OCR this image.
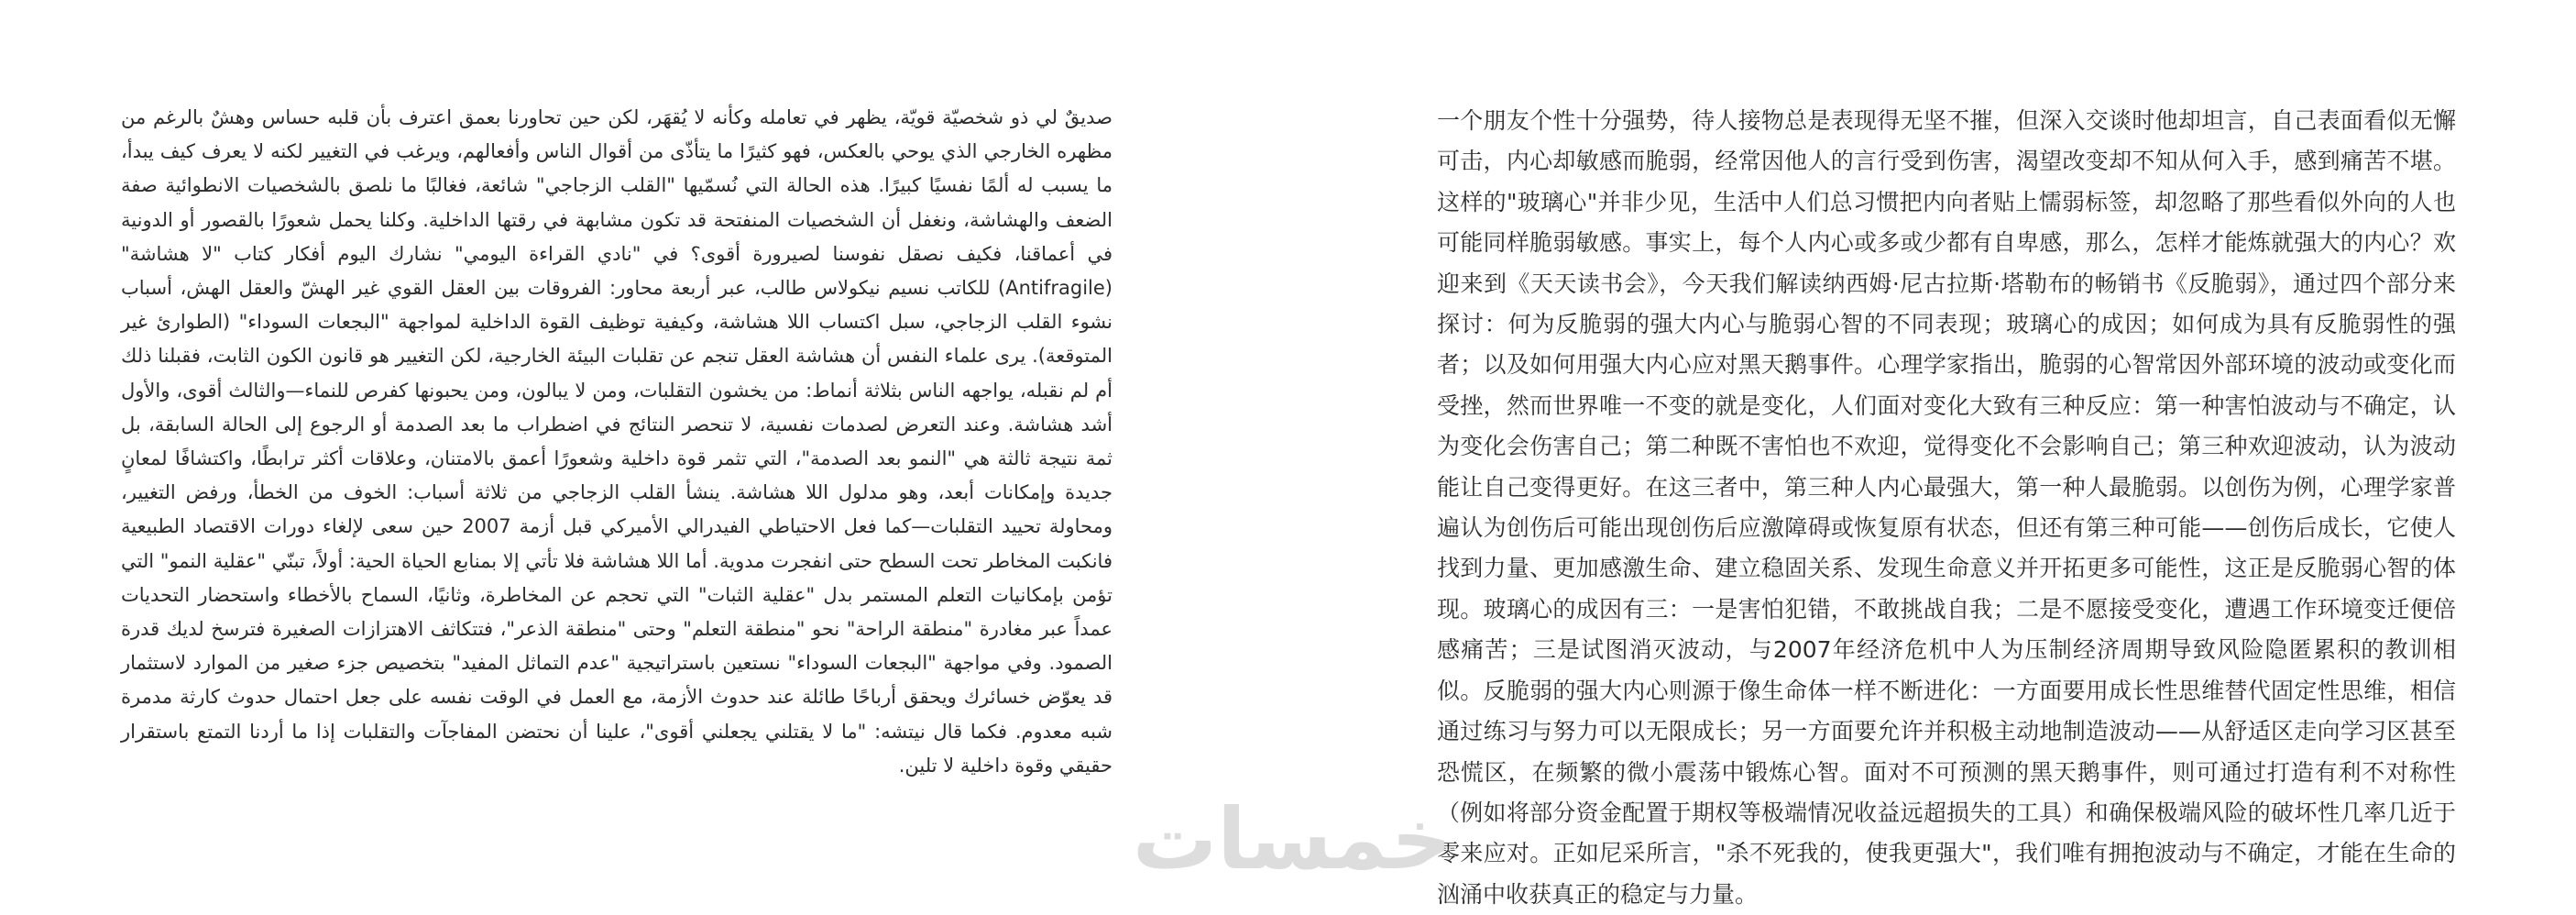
صديقٌ لي ذو شخصيّة قويّة، يظهر في تعامله وكأنه لا يُقهَر، لكن حين تحاورنا بعمق اعترف بأن قلبه حساس وهشٌ بالرغم من مظهره الخارجي الذي يوحي بالعكس، فهو كثيرًا ما يتأذّى من أقوال الناس وأفعالهم، ويرغب في التغيير لكنه لا يعرف كيف يبدأ، ما يسبب له ألمًا نفسيًا كبيرًا. هذه الحالة التي نُسمّيها "القلب الزجاجي" شائعة، فغالبًا ما نلصق بالشخصيات الانطوائية صفة الضعف والهشاشة، ونغفل أن الشخصيات المنفتحة قد تكون مشابهة في رقتها الداخلية. وكلنا يحمل شعورًا بالقصور أو الدونية في أعماقنا، فكيف نصقل نفوسنا لصيرورة أقوى؟ في "نادي القراءة اليومي" نشارك اليوم أفكار كتاب "لا هشاشة" (Antifragile) للكاتب نسيم نيكولاس طالب، عبر أربعة محاور: الفروقات بين العقل القوي غير الهشّ والعقل الهش، أسباب نشوء القلب الزجاجي، سبل اكتساب اللا هشاشة، وكيفية توظيف القوة الداخلية لمواجهة "البجعات السوداء" (الطوارئ غير المتوقعة). يرى علماء النفس أن هشاشة العقل تنجم عن تقلبات البيئة الخارجية، لكن التغيير هو قانون الكون الثابت، فقبلنا ذلك أم لم نقبله، يواجهه الناس بثلاثة أنماط: من يخشون التقلبات، ومن لا يبالون، ومن يحبونها كفرص للنماء—والثالث أقوى، والأول أشد هشاشة. وعند التعرض لصدمات نفسية، لا تنحصر النتائج في اضطراب ما بعد الصدمة أو الرجوع إلى الحالة السابقة، بل ثمة نتيجة ثالثة هي "النمو بعد الصدمة"، التي تثمر قوة داخلية وشعورًا أعمق بالامتنان، وعلاقات أكثر ترابطًا، واكتشافًا لمعانٍ جديدة وإمكانات أبعد، وهو مدلول اللا هشاشة. ينشأ القلب الزجاجي من ثلاثة أسباب: الخوف من الخطأ، ورفض التغيير، ومحاولة تحييد التقلبات—كما فعل الاحتياطي الفيدرالي الأميركي قبل أزمة 2007 حين سعى لإلغاء دورات الاقتصاد الطبيعية فانكبت المخاطر تحت السطح حتى انفجرت مدوية. أما اللا هشاشة فلا تأتي إلا بمنابع الحياة الحية: أولاً، تبنّي "عقلية النمو" التي تؤمن بإمكانيات التعلم المستمر بدل "عقلية الثبات" التي تحجم عن المخاطرة، وثانيًا، السماح بالأخطاء واستحضار التحديات عمداً عبر مغادرة "منطقة الراحة" نحو "منطقة التعلم" وحتى "منطقة الذعر"، فتتكاثف الاهتزازات الصغيرة فترسخ لديك قدرة الصمود. وفي مواجهة "البجعات السوداء" نستعين باستراتيجية "عدم التماثل المفيد" بتخصيص جزء صغير من الموارد لاستثمار قد يعوّض خسائرك ويحقق أرباحًا طائلة عند حدوث الأزمة، مع العمل في الوقت نفسه على جعل احتمال حدوث كارثة مدمرة شبه معدوم. فكما قال نيتشه: "ما لا يقتلني يجعلني أقوى"، علينا أن نحتضن المفاجآت والتقلبات إذا ما أردنا التمتع باستقرار حقيقي وقوة داخلية لا تلين.

一个朋友个性十分强势，待人接物总是表现得无坚不摧，但深入交谈时他却坦言，自己表面看似无懈可击，内心却敏感而脆弱，经常因他人的言行受到伤害，渴望改变却不知从何入手，感到痛苦不堪。这样的"玻璃心"并非少见，生活中人们总习惯把内向者贴上懦弱标签，却忽略了那些看似外向的人也可能同样脆弱敏感。事实上，每个人内心或多或少都有自卑感，那么，怎样才能炼就强大的内心？欢迎来到《天天读书会》，今天我们解读纳西姆·尼古拉斯·塔勒布的畅销书《反脆弱》，通过四个部分来探讨：何为反脆弱的强大内心与脆弱心智的不同表现；玻璃心的成因；如何成为具有反脆弱性的强者；以及如何用强大内心应对黑天鹅事件。心理学家指出，脆弱的心智常因外部环境的波动或变化而受挫，然而世界唯一不变的就是变化，人们面对变化大致有三种反应：第一种害怕波动与不确定，认为变化会伤害自己；第二种既不害怕也不欢迎，觉得变化不会影响自己；第三种欢迎波动，认为波动能让自己变得更好。在这三者中，第三种人内心最强大，第一种人最脆弱。以创伤为例，心理学家普遍认为创伤后可能出现创伤后应激障碍或恢复原有状态，但还有第三种可能——创伤后成长，它使人找到力量、更加感激生命、建立稳固关系、发现生命意义并开拓更多可能性，这正是反脆弱心智的体现。玻璃心的成因有三：一是害怕犯错，不敢挑战自我；二是不愿接受变化，遭遇工作环境变迁便倍感痛苦；三是试图消灭波动，与2007年经济危机中人为压制经济周期导致风险隐匿累积的教训相似。反脆弱的强大内心则源于像生命体一样不断进化：一方面要用成长性思维替代固定性思维，相信通过练习与努力可以无限成长；另一方面要允许并积极主动地制造波动——从舒适区走向学习区甚至恐慌区，在频繁的微小震荡中锻炼心智。面对不可预测的黑天鹅事件，则可通过打造有利不对称性（例如将部分资金配置于期权等极端情况收益远超损失的工具）和确保极端风险的破坏性几率几近于零来应对。正如尼采所言，"杀不死我的，使我更强大"，我们唯有拥抱波动与不确定，才能在生命的汹涌中收获真正的稳定与力量。

خمسات
